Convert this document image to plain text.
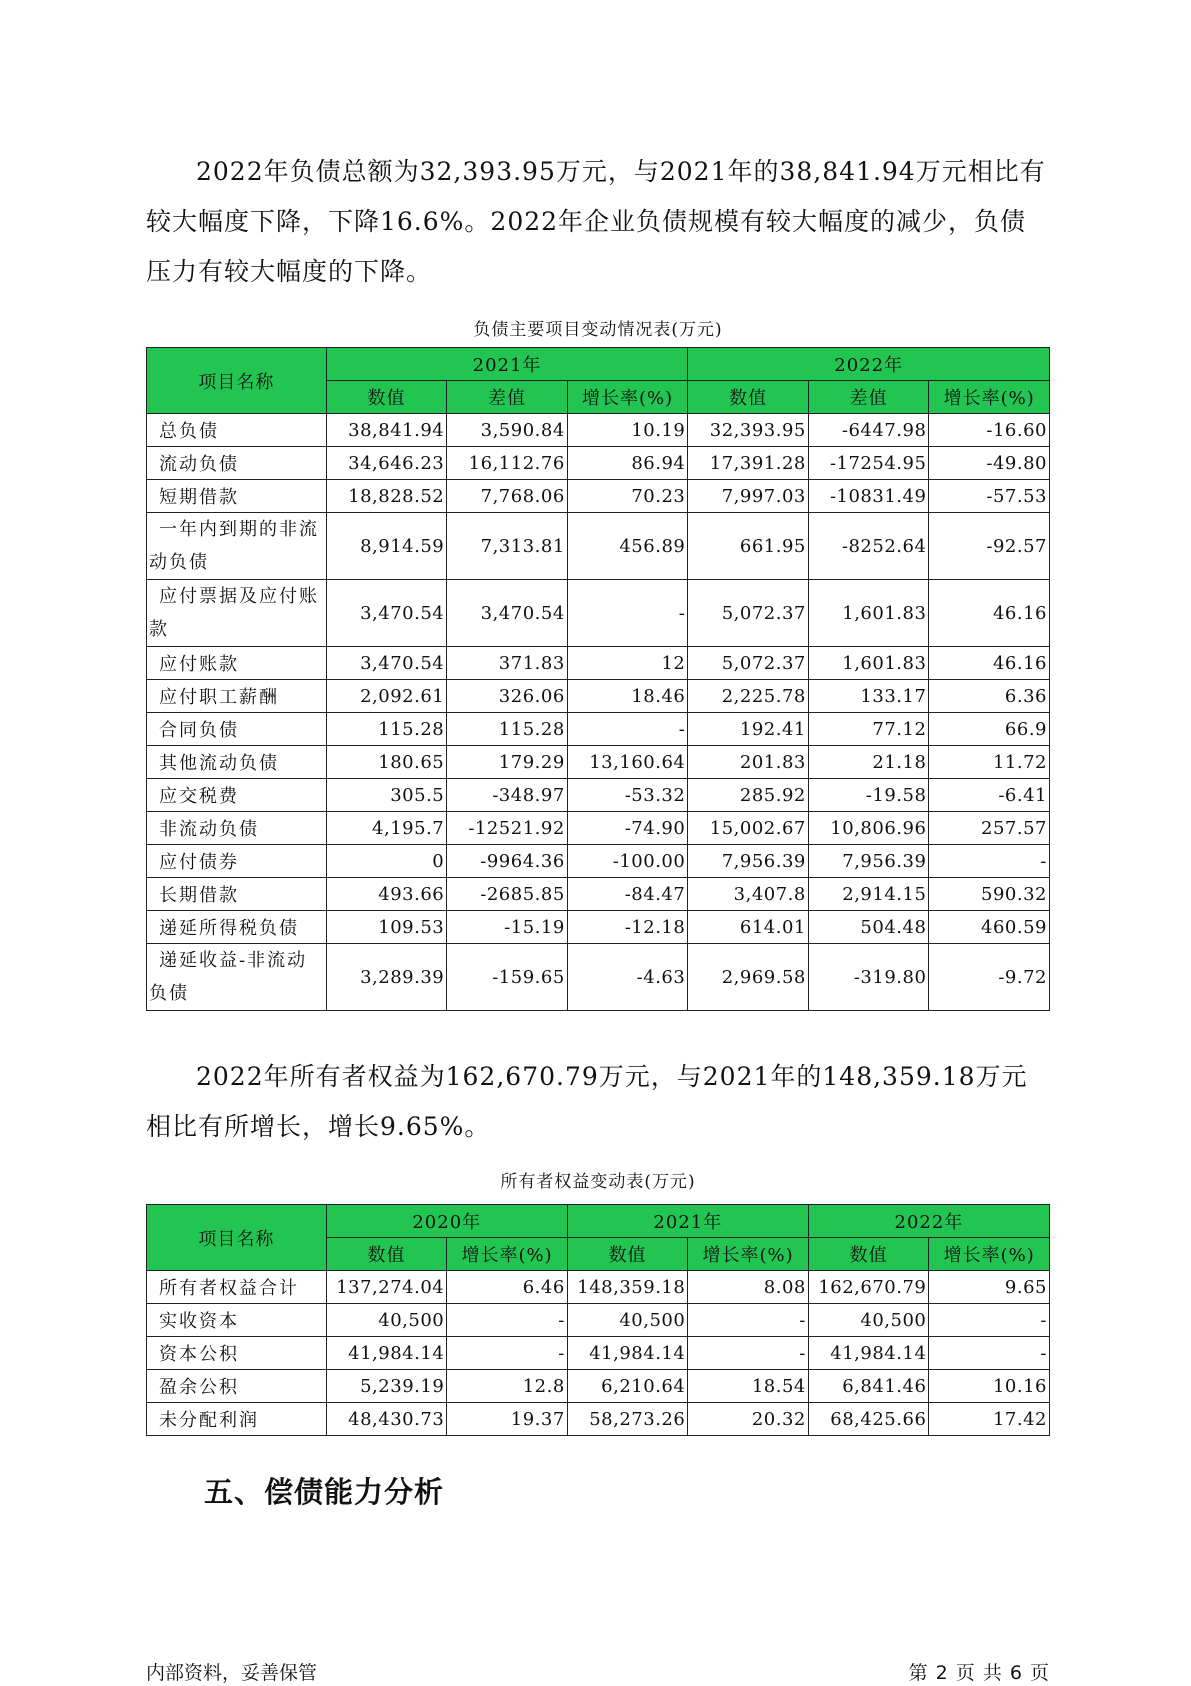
2022年负债总额为32,393.95万元，与2021年的38,841.94万元相比有较大幅度下降，下降16.6%。2022年企业负债规模有较大幅度的减少，负债压力有较大幅度的下降。

负债主要项目变动情况表(万元)
项目名称	2021年			2022年		
	数值	差值	增长率(%)	数值	差值	增长率(%)
总负债	38,841.94	3,590.84	10.19	32,393.95	-6447.98	-16.60
流动负债	34,646.23	16,112.76	86.94	17,391.28	-17254.95	-49.80
短期借款	18,828.52	7,768.06	70.23	7,997.03	-10831.49	-57.53
一年内到期的非流动负债	8,914.59	7,313.81	456.89	661.95	-8252.64	-92.57
应付票据及应付账款	3,470.54	3,470.54	-	5,072.37	1,601.83	46.16
应付账款	3,470.54	371.83	12	5,072.37	1,601.83	46.16
应付职工薪酬	2,092.61	326.06	18.46	2,225.78	133.17	6.36
合同负债	115.28	115.28	-	192.41	77.12	66.9
其他流动负债	180.65	179.29	13,160.64	201.83	21.18	11.72
应交税费	305.5	-348.97	-53.32	285.92	-19.58	-6.41
非流动负债	4,195.7	-12521.92	-74.90	15,002.67	10,806.96	257.57
应付债券	0	-9964.36	-100.00	7,956.39	7,956.39	-
长期借款	493.66	-2685.85	-84.47	3,407.8	2,914.15	590.32
递延所得税负债	109.53	-15.19	-12.18	614.01	504.48	460.59
递延收益-非流动负债	3,289.39	-159.65	-4.63	2,969.58	-319.80	-9.72

2022年所有者权益为162,670.79万元，与2021年的148,359.18万元相比有所增长，增长9.65%。

所有者权益变动表(万元)
项目名称	2020年		2021年		2022年	
	数值	增长率(%)	数值	增长率(%)	数值	增长率(%)
所有者权益合计	137,274.04	6.46	148,359.18	8.08	162,670.79	9.65
实收资本	40,500	-	40,500	-	40,500	-
资本公积	41,984.14	-	41,984.14	-	41,984.14	-
盈余公积	5,239.19	12.8	6,210.64	18.54	6,841.46	10.16
未分配利润	48,430.73	19.37	58,273.26	20.32	68,425.66	17.42
五、偿债能力分析
内部资料，妥善保管	第 2 页 共 6 页
